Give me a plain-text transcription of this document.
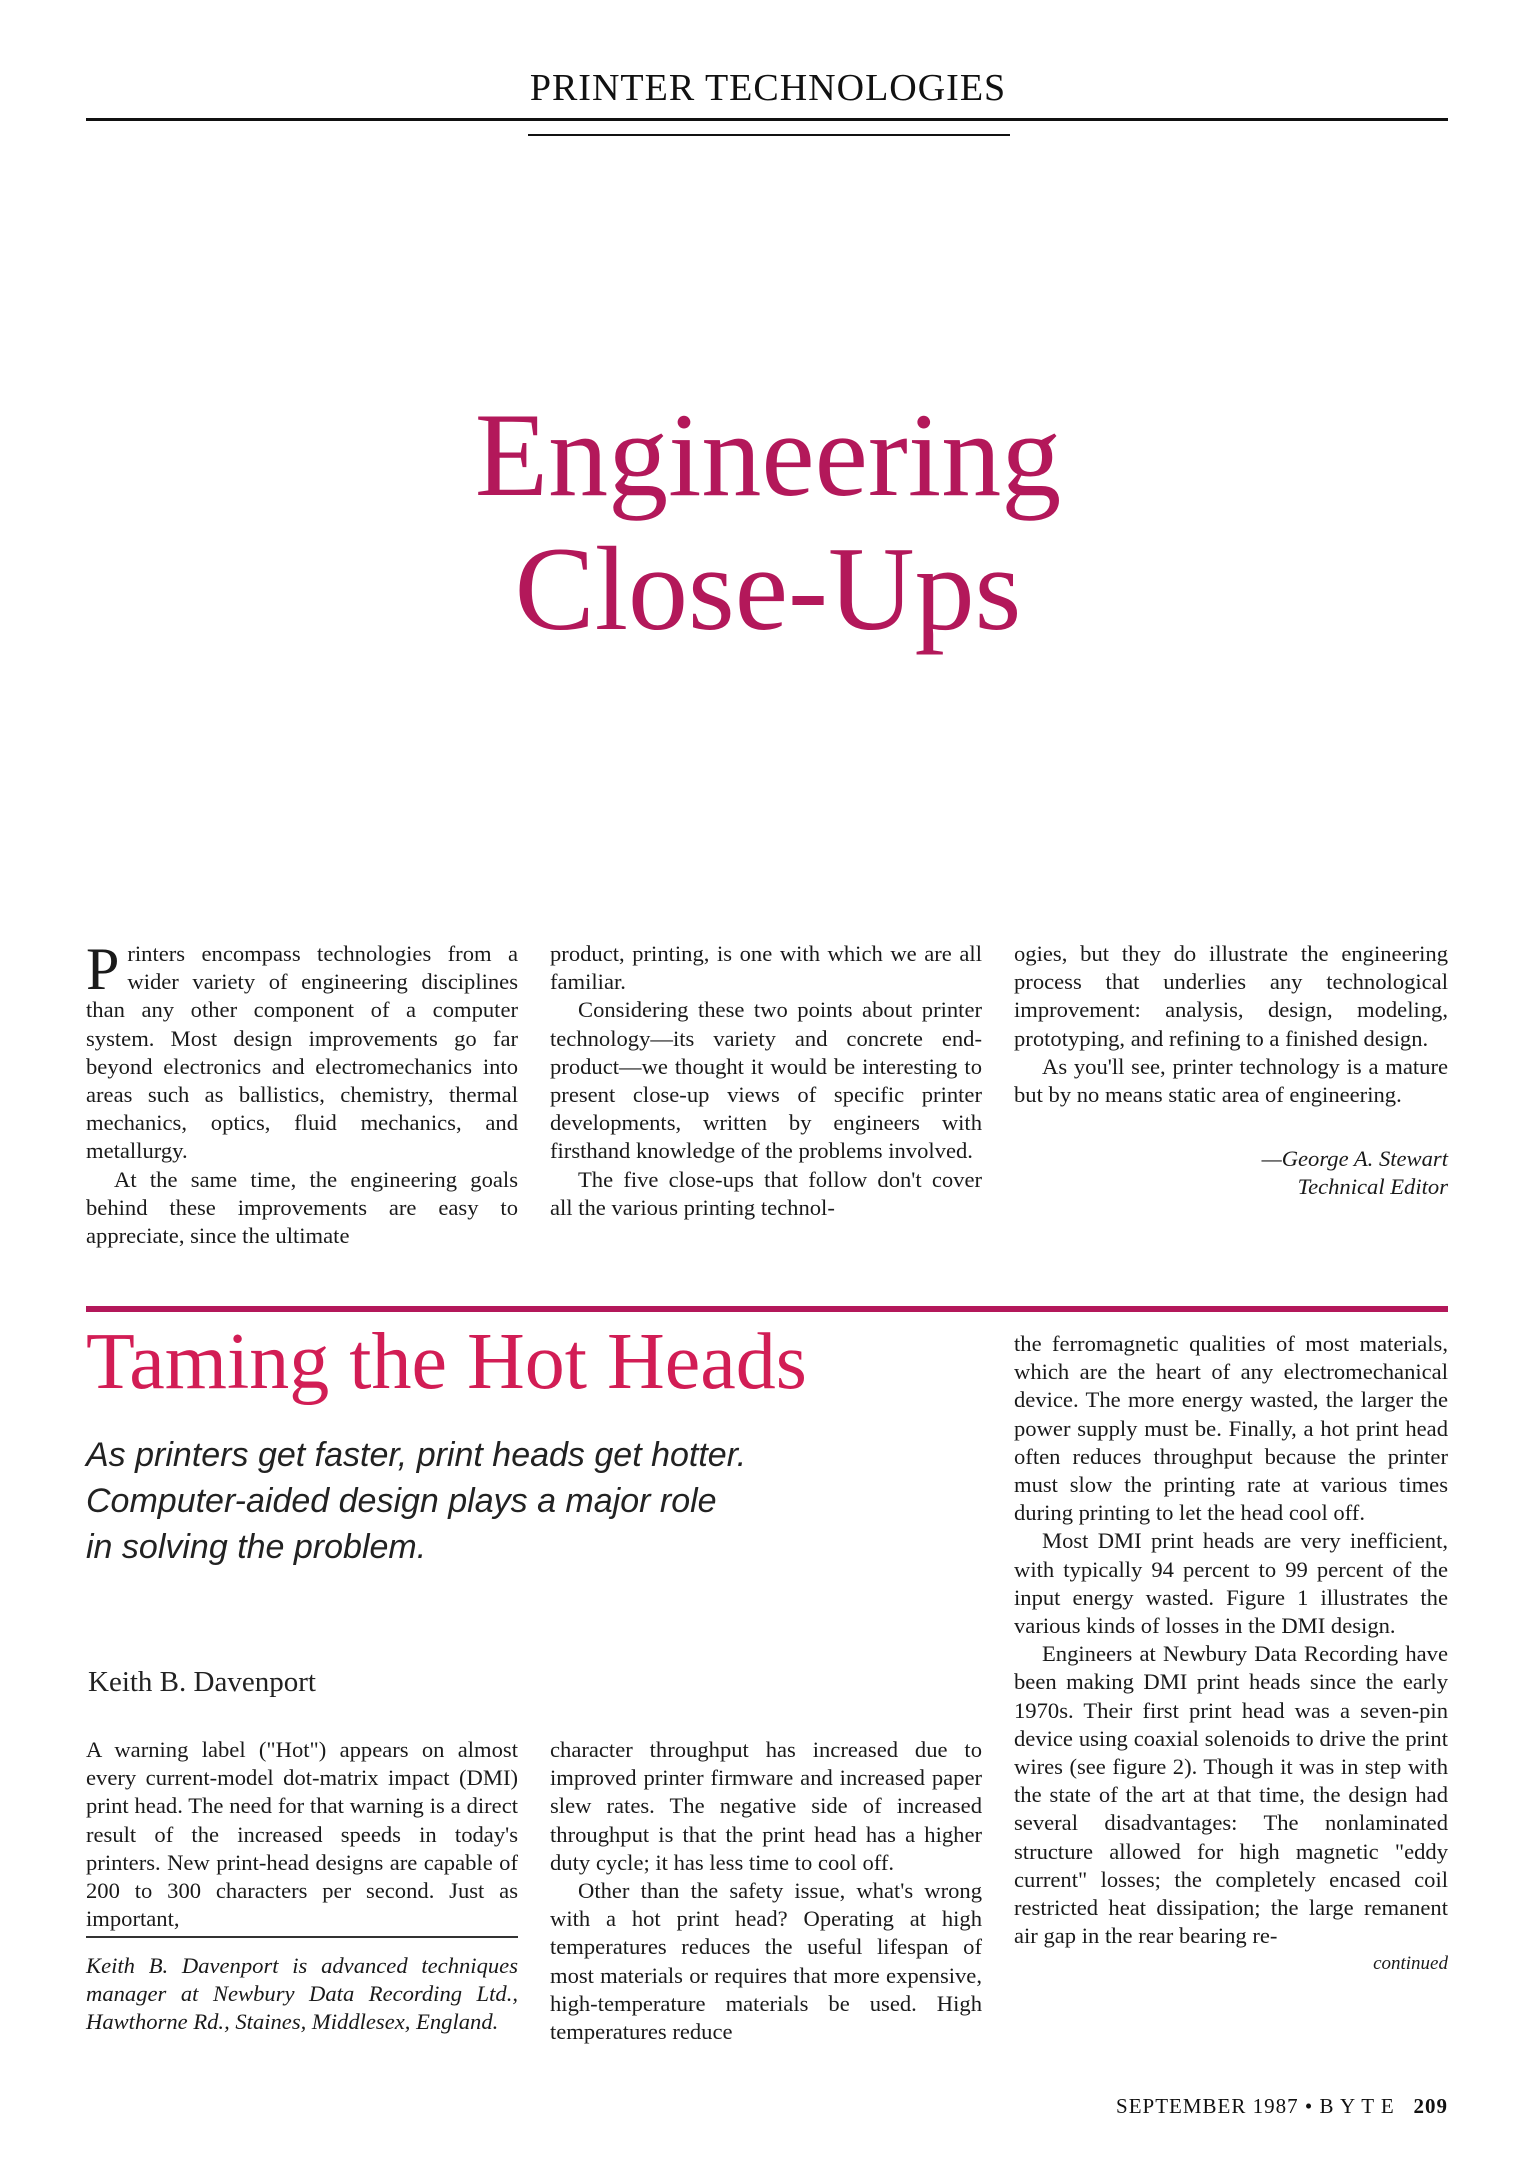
PRINTER TECHNOLOGIES
Engineering
Close-Ups

Printers encompass technologies from a wider variety of engineering disciplines than any other component of a computer system. Most design improvements go far beyond electronics and electromechanics into areas such as ballistics, chemistry, thermal mechanics, optics, fluid mechanics, and metallurgy.

At the same time, the engineering goals behind these improvements are easy to appreciate, since the ultimate

product, printing, is one with which we are all familiar.

Considering these two points about printer technology—its variety and concrete end-product—we thought it would be interesting to present close-up views of specific printer developments, written by engineers with firsthand knowledge of the problems involved.

The five close-ups that follow don't cover all the various printing technol-

ogies, but they do illustrate the engineering process that underlies any technological improvement: analysis, design, modeling, prototyping, and refining to a finished design.

As you'll see, printer technology is a mature but by no means static area of engineering.

—George A. Stewart

Technical Editor

Taming the Hot Heads
As printers get faster, print heads get hotter.
Computer-aided design plays a major role
in solving the problem.
Keith B. Davenport

A warning label ("Hot") appears on almost every current-model dot-matrix impact (DMI) print head. The need for that warning is a direct result of the increased speeds in today's printers. New print-head designs are capable of 200 to 300 characters per second. Just as important,

Keith B. Davenport is advanced techniques manager at Newbury Data Recording Ltd., Hawthorne Rd., Staines, Middlesex, England.

character throughput has increased due to improved printer firmware and increased paper slew rates. The negative side of increased throughput is that the print head has a higher duty cycle; it has less time to cool off.

Other than the safety issue, what's wrong with a hot print head? Operating at high temperatures reduces the useful lifespan of most materials or requires that more expensive, high-temperature materials be used. High temperatures reduce

the ferromagnetic qualities of most materials, which are the heart of any electromechanical device. The more energy wasted, the larger the power supply must be. Finally, a hot print head often reduces throughput because the printer must slow the printing rate at various times during printing to let the head cool off.

Most DMI print heads are very inefficient, with typically 94 percent to 99 percent of the input energy wasted. Figure 1 illustrates the various kinds of losses in the DMI design.

Engineers at Newbury Data Recording have been making DMI print heads since the early 1970s. Their first print head was a seven-pin device using coaxial solenoids to drive the print wires (see figure 2). Though it was in step with the state of the art at that time, the design had several disadvantages: The nonlaminated structure allowed for high magnetic "eddy current" losses; the completely encased coil restricted heat dissipation; the large remanent air gap in the rear bearing re-

continued

SEPTEMBER 1987 • B Y T E 209
